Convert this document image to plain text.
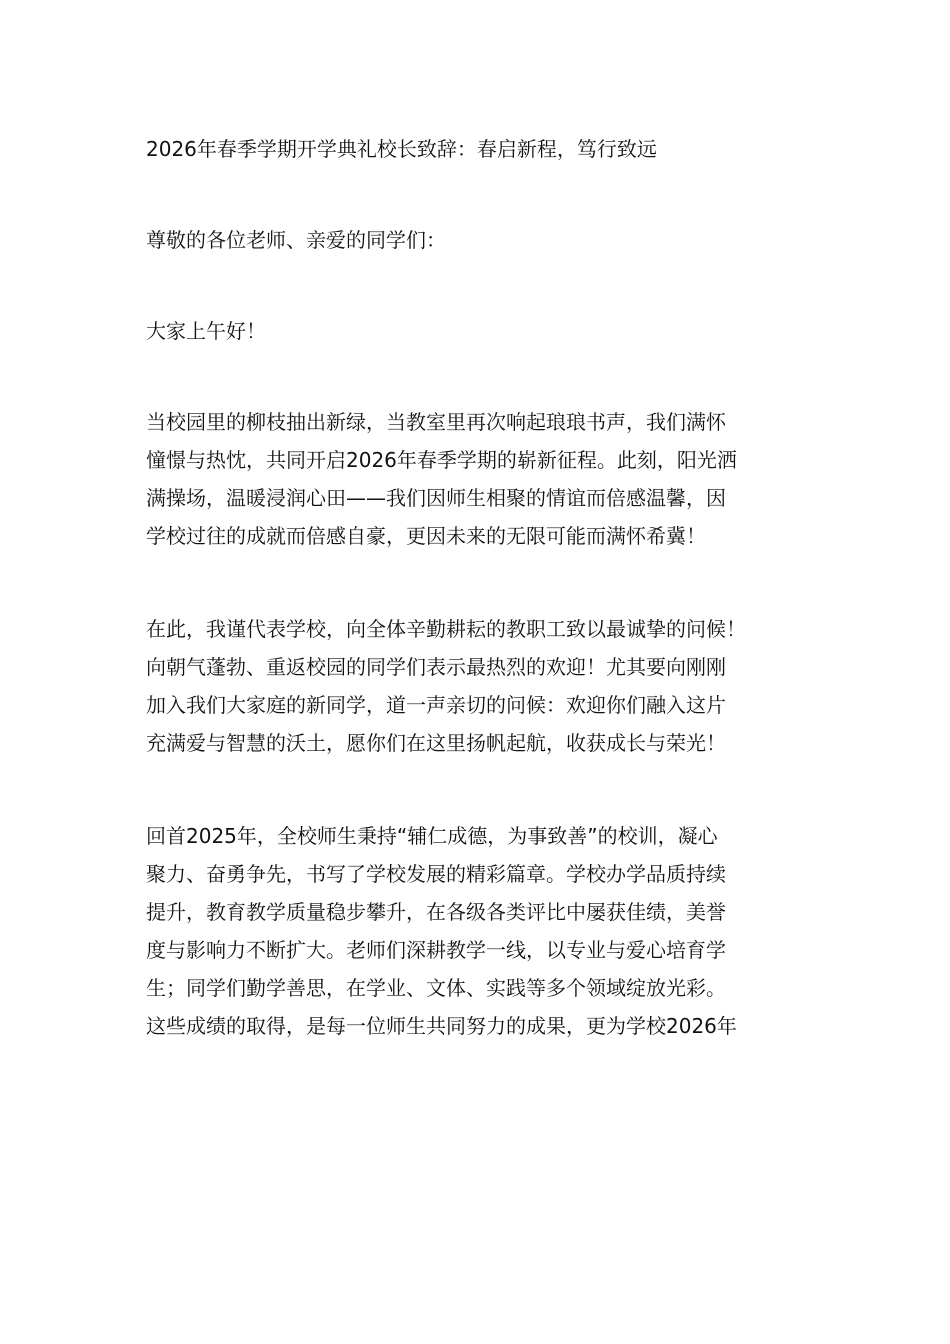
2026年春季学期开学典礼校长致辞：春启新程，笃行致远
尊敬的各位老师、亲爱的同学们：
大家上午好！
当校园里的柳枝抽出新绿，当教室里再次响起琅琅书声，我们满怀
憧憬与热忱，共同开启2026年春季学期的崭新征程。此刻，阳光洒
满操场，温暖浸润心田——我们因师生相聚的情谊而倍感温馨，因
学校过往的成就而倍感自豪，更因未来的无限可能而满怀希冀！
在此，我谨代表学校，向全体辛勤耕耘的教职工致以最诚挚的问候！
向朝气蓬勃、重返校园的同学们表示最热烈的欢迎！尤其要向刚刚
加入我们大家庭的新同学，道一声亲切的问候：欢迎你们融入这片
充满爱与智慧的沃土，愿你们在这里扬帆起航，收获成长与荣光！
回首2025年，全校师生秉持“辅仁成德，为事致善”的校训，凝心
聚力、奋勇争先，书写了学校发展的精彩篇章。学校办学品质持续
提升，教育教学质量稳步攀升，在各级各类评比中屡获佳绩，美誉
度与影响力不断扩大。老师们深耕教学一线，以专业与爱心培育学
生；同学们勤学善思，在学业、文体、实践等多个领域绽放光彩。
这些成绩的取得，是每一位师生共同努力的成果，更为学校2026年
